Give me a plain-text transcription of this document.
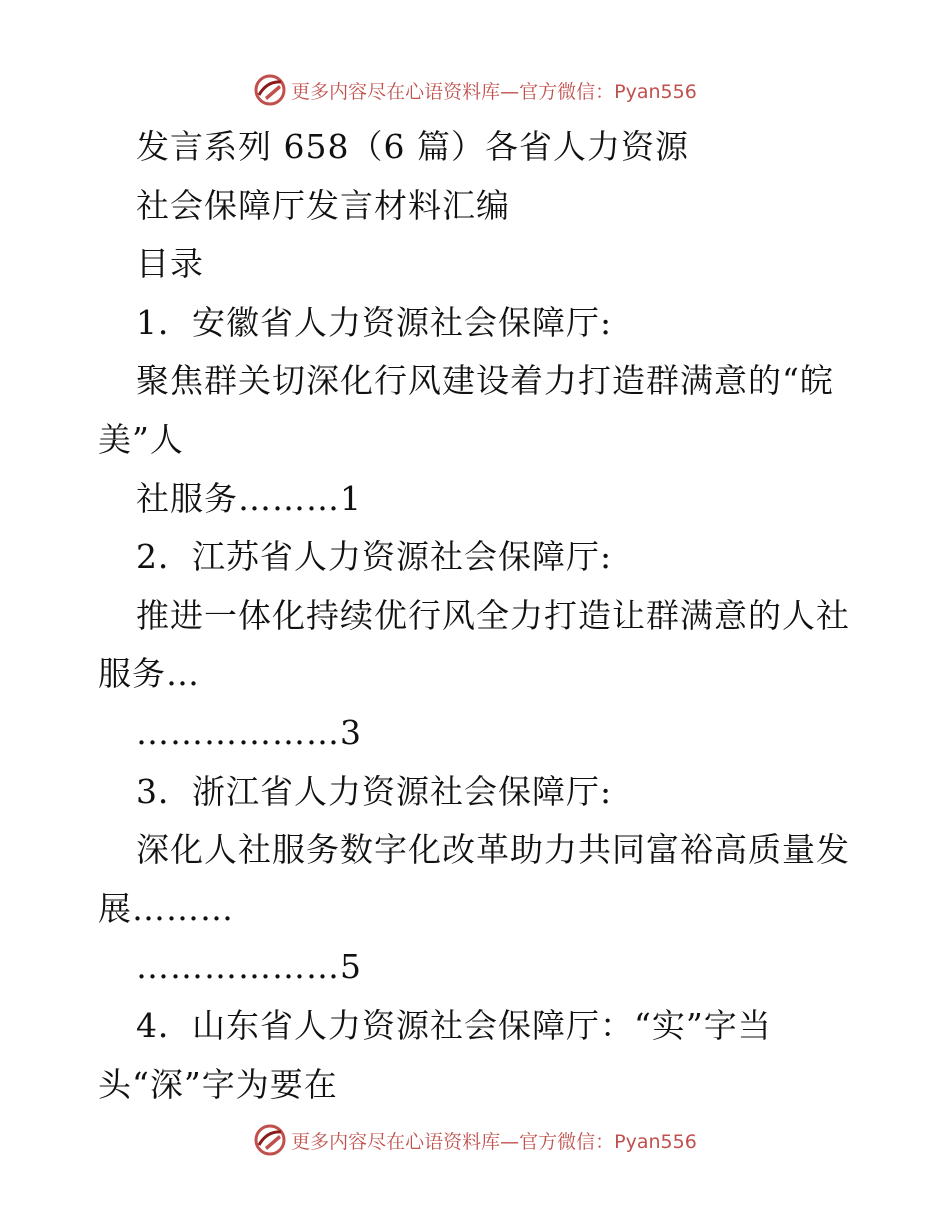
更多内容尽在心语资料库 —官方微信：Pyan556
发言系列 658（6 篇）各省人力资源
社会保障厅发言材料汇编
目录
1．安徽省人力资源社会保障厅:
聚焦群关切深化行风建设着力打造群满意的“皖
美”人
社服务………1
2．江苏省人力资源社会保障厅:
推进一体化持续优行风全力打造让群满意的人社
服务…
………………3
3．浙江省人力资源社会保障厅:
深化人社服务数字化改革助力共同富裕高质量发
展………
………………5
4．山东省人力资源社会保障厅：“实”字当
头“深”字为要在
更多内容尽在心语资料库 —官方微信：Pyan556
